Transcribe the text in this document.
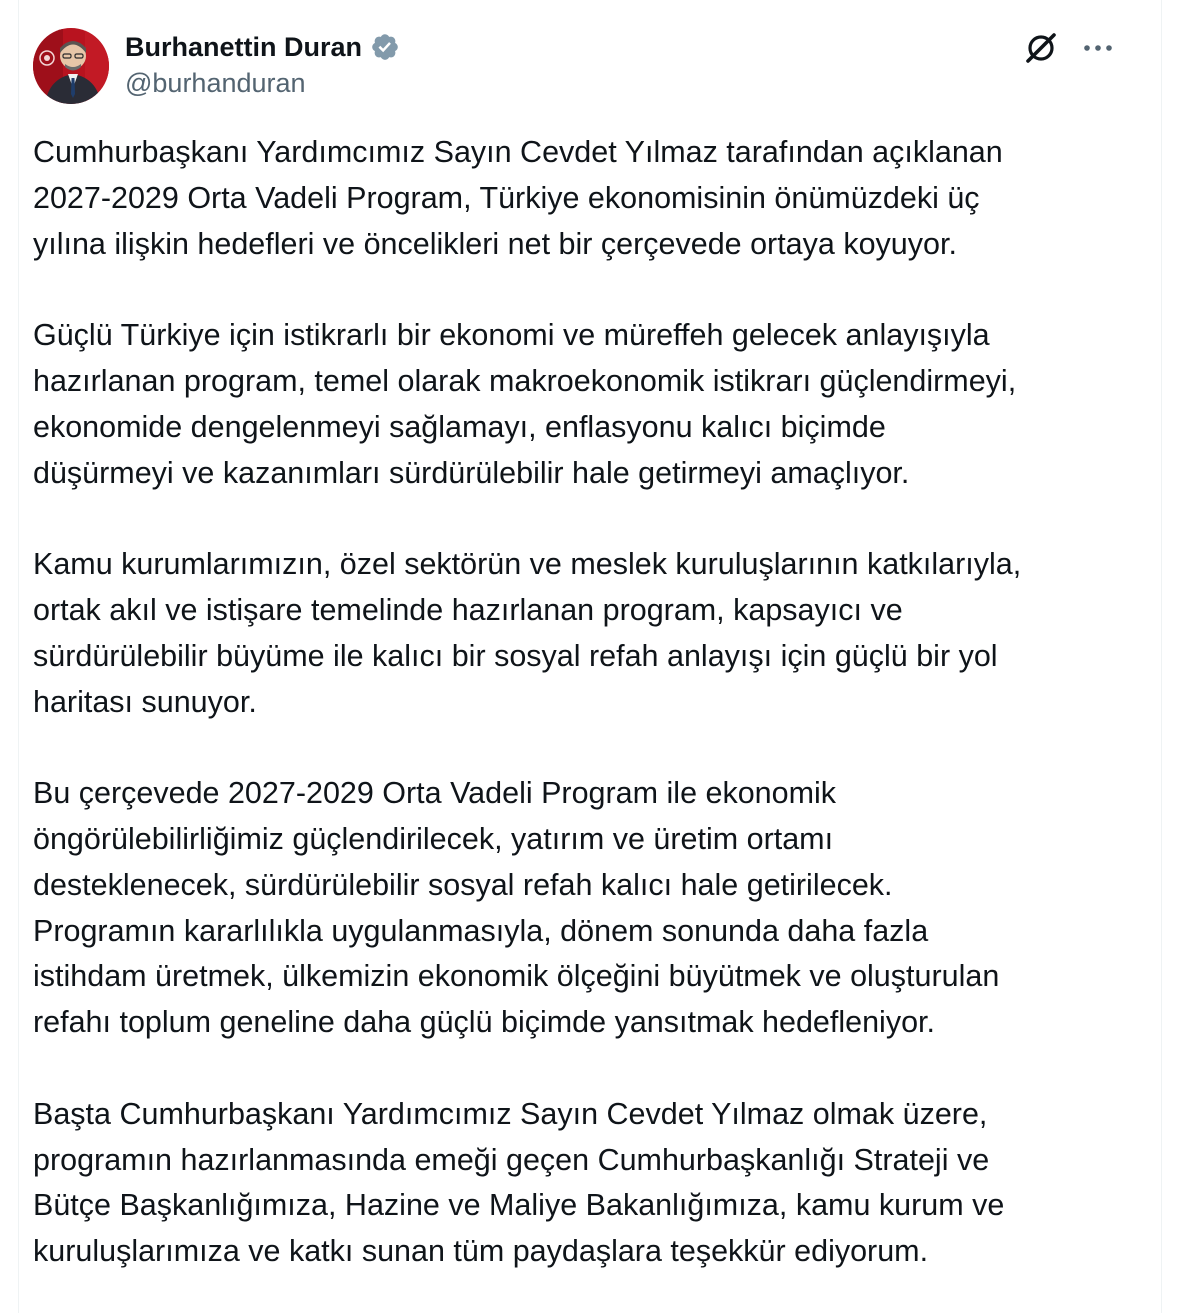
Burhanettin Duran
@burhanduran

Cumhurbaşkanı Yardımcımız Sayın Cevdet Yılmaz tarafından açıklanan
2027-2029 Orta Vadeli Program, Türkiye ekonomisinin önümüzdeki üç
yılına ilişkin hedefleri ve öncelikleri net bir çerçevede ortaya koyuyor.

Güçlü Türkiye için istikrarlı bir ekonomi ve müreffeh gelecek anlayışıyla
hazırlanan program, temel olarak makroekonomik istikrarı güçlendirmeyi,
ekonomide dengelenmeyi sağlamayı, enflasyonu kalıcı biçimde
düşürmeyi ve kazanımları sürdürülebilir hale getirmeyi amaçlıyor.

Kamu kurumlarımızın, özel sektörün ve meslek kuruluşlarının katkılarıyla,
ortak akıl ve istişare temelinde hazırlanan program, kapsayıcı ve
sürdürülebilir büyüme ile kalıcı bir sosyal refah anlayışı için güçlü bir yol
haritası sunuyor.

Bu çerçevede 2027-2029 Orta Vadeli Program ile ekonomik
öngörülebilirliğimiz güçlendirilecek, yatırım ve üretim ortamı
desteklenecek, sürdürülebilir sosyal refah kalıcı hale getirilecek.
Programın kararlılıkla uygulanmasıyla, dönem sonunda daha fazla
istihdam üretmek, ülkemizin ekonomik ölçeğini büyütmek ve oluşturulan
refahı toplum geneline daha güçlü biçimde yansıtmak hedefleniyor.

Başta Cumhurbaşkanı Yardımcımız Sayın Cevdet Yılmaz olmak üzere,
programın hazırlanmasında emeği geçen Cumhurbaşkanlığı Strateji ve
Bütçe Başkanlığımıza, Hazine ve Maliye Bakanlığımıza, kamu kurum ve
kuruluşlarımıza ve katkı sunan tüm paydaşlara teşekkür ediyorum.
